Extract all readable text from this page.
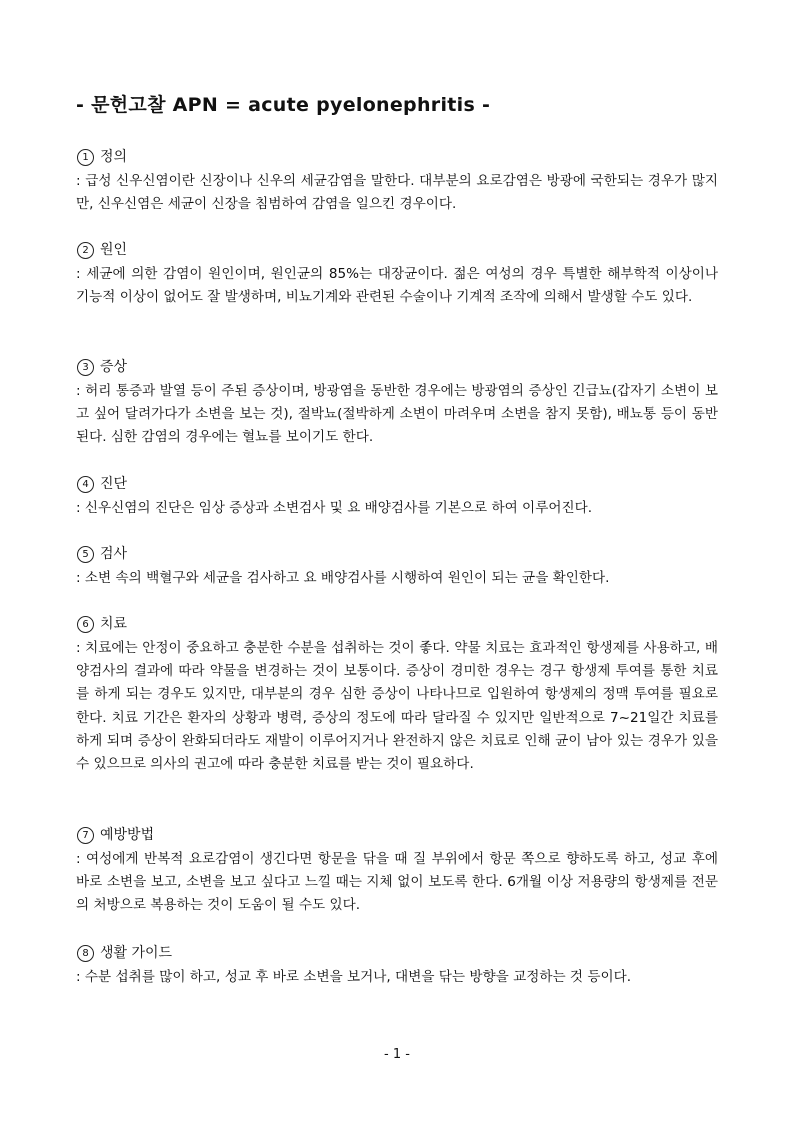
- 문헌고찰 APN = acute pyelonephritis -
1 정의
: 급성 신우신염이란 신장이나 신우의 세균감염을 말한다. 대부분의 요로감염은 방광에 국한되는 경우가 많지만, 신우신염은 세균이 신장을 침범하여 감염을 일으킨 경우이다.
2 원인
: 세균에 의한 감염이 원인이며, 원인균의 85%는 대장균이다. 젊은 여성의 경우 특별한 해부학적 이상이나 기능적 이상이 없어도 잘 발생하며, 비뇨기계와 관련된 수술이나 기계적 조작에 의해서 발생할 수도 있다.
3 증상
: 허리 통증과 발열 등이 주된 증상이며, 방광염을 동반한 경우에는 방광염의 증상인 긴급뇨(갑자기 소변이 보고 싶어 달려가다가 소변을 보는 것), 절박뇨(절박하게 소변이 마려우며 소변을 참지 못함), 배뇨통 등이 동반된다. 심한 감염의 경우에는 혈뇨를 보이기도 한다.
4 진단
: 신우신염의 진단은 임상 증상과 소변검사 및 요 배양검사를 기본으로 하여 이루어진다.
5 검사
: 소변 속의 백혈구와 세균을 검사하고 요 배양검사를 시행하여 원인이 되는 균을 확인한다.
6 치료
: 치료에는 안정이 중요하고 충분한 수분을 섭취하는 것이 좋다. 약물 치료는 효과적인 항생제를 사용하고, 배양검사의 결과에 따라 약물을 변경하는 것이 보통이다. 증상이 경미한 경우는 경구 항생제 투여를 통한 치료를 하게 되는 경우도 있지만, 대부분의 경우 심한 증상이 나타나므로 입원하여 항생제의 정맥 투여를 필요로 한다. 치료 기간은 환자의 상황과 병력, 증상의 정도에 따라 달라질 수 있지만 일반적으로 7~21일간 치료를 하게 되며 증상이 완화되더라도 재발이 이루어지거나 완전하지 않은 치료로 인해 균이 남아 있는 경우가 있을 수 있으므로 의사의 권고에 따라 충분한 치료를 받는 것이 필요하다.
7 예방방법
: 여성에게 반복적 요로감염이 생긴다면 항문을 닦을 때 질 부위에서 항문 쪽으로 향하도록 하고, 성교 후에 바로 소변을 보고, 소변을 보고 싶다고 느낄 때는 지체 없이 보도록 한다. 6개월 이상 저용량의 항생제를 전문의 처방으로 복용하는 것이 도움이 될 수도 있다.
8 생활 가이드
: 수분 섭취를 많이 하고, 성교 후 바로 소변을 보거나, 대변을 닦는 방향을 교정하는 것 등이다.
- 1 -
